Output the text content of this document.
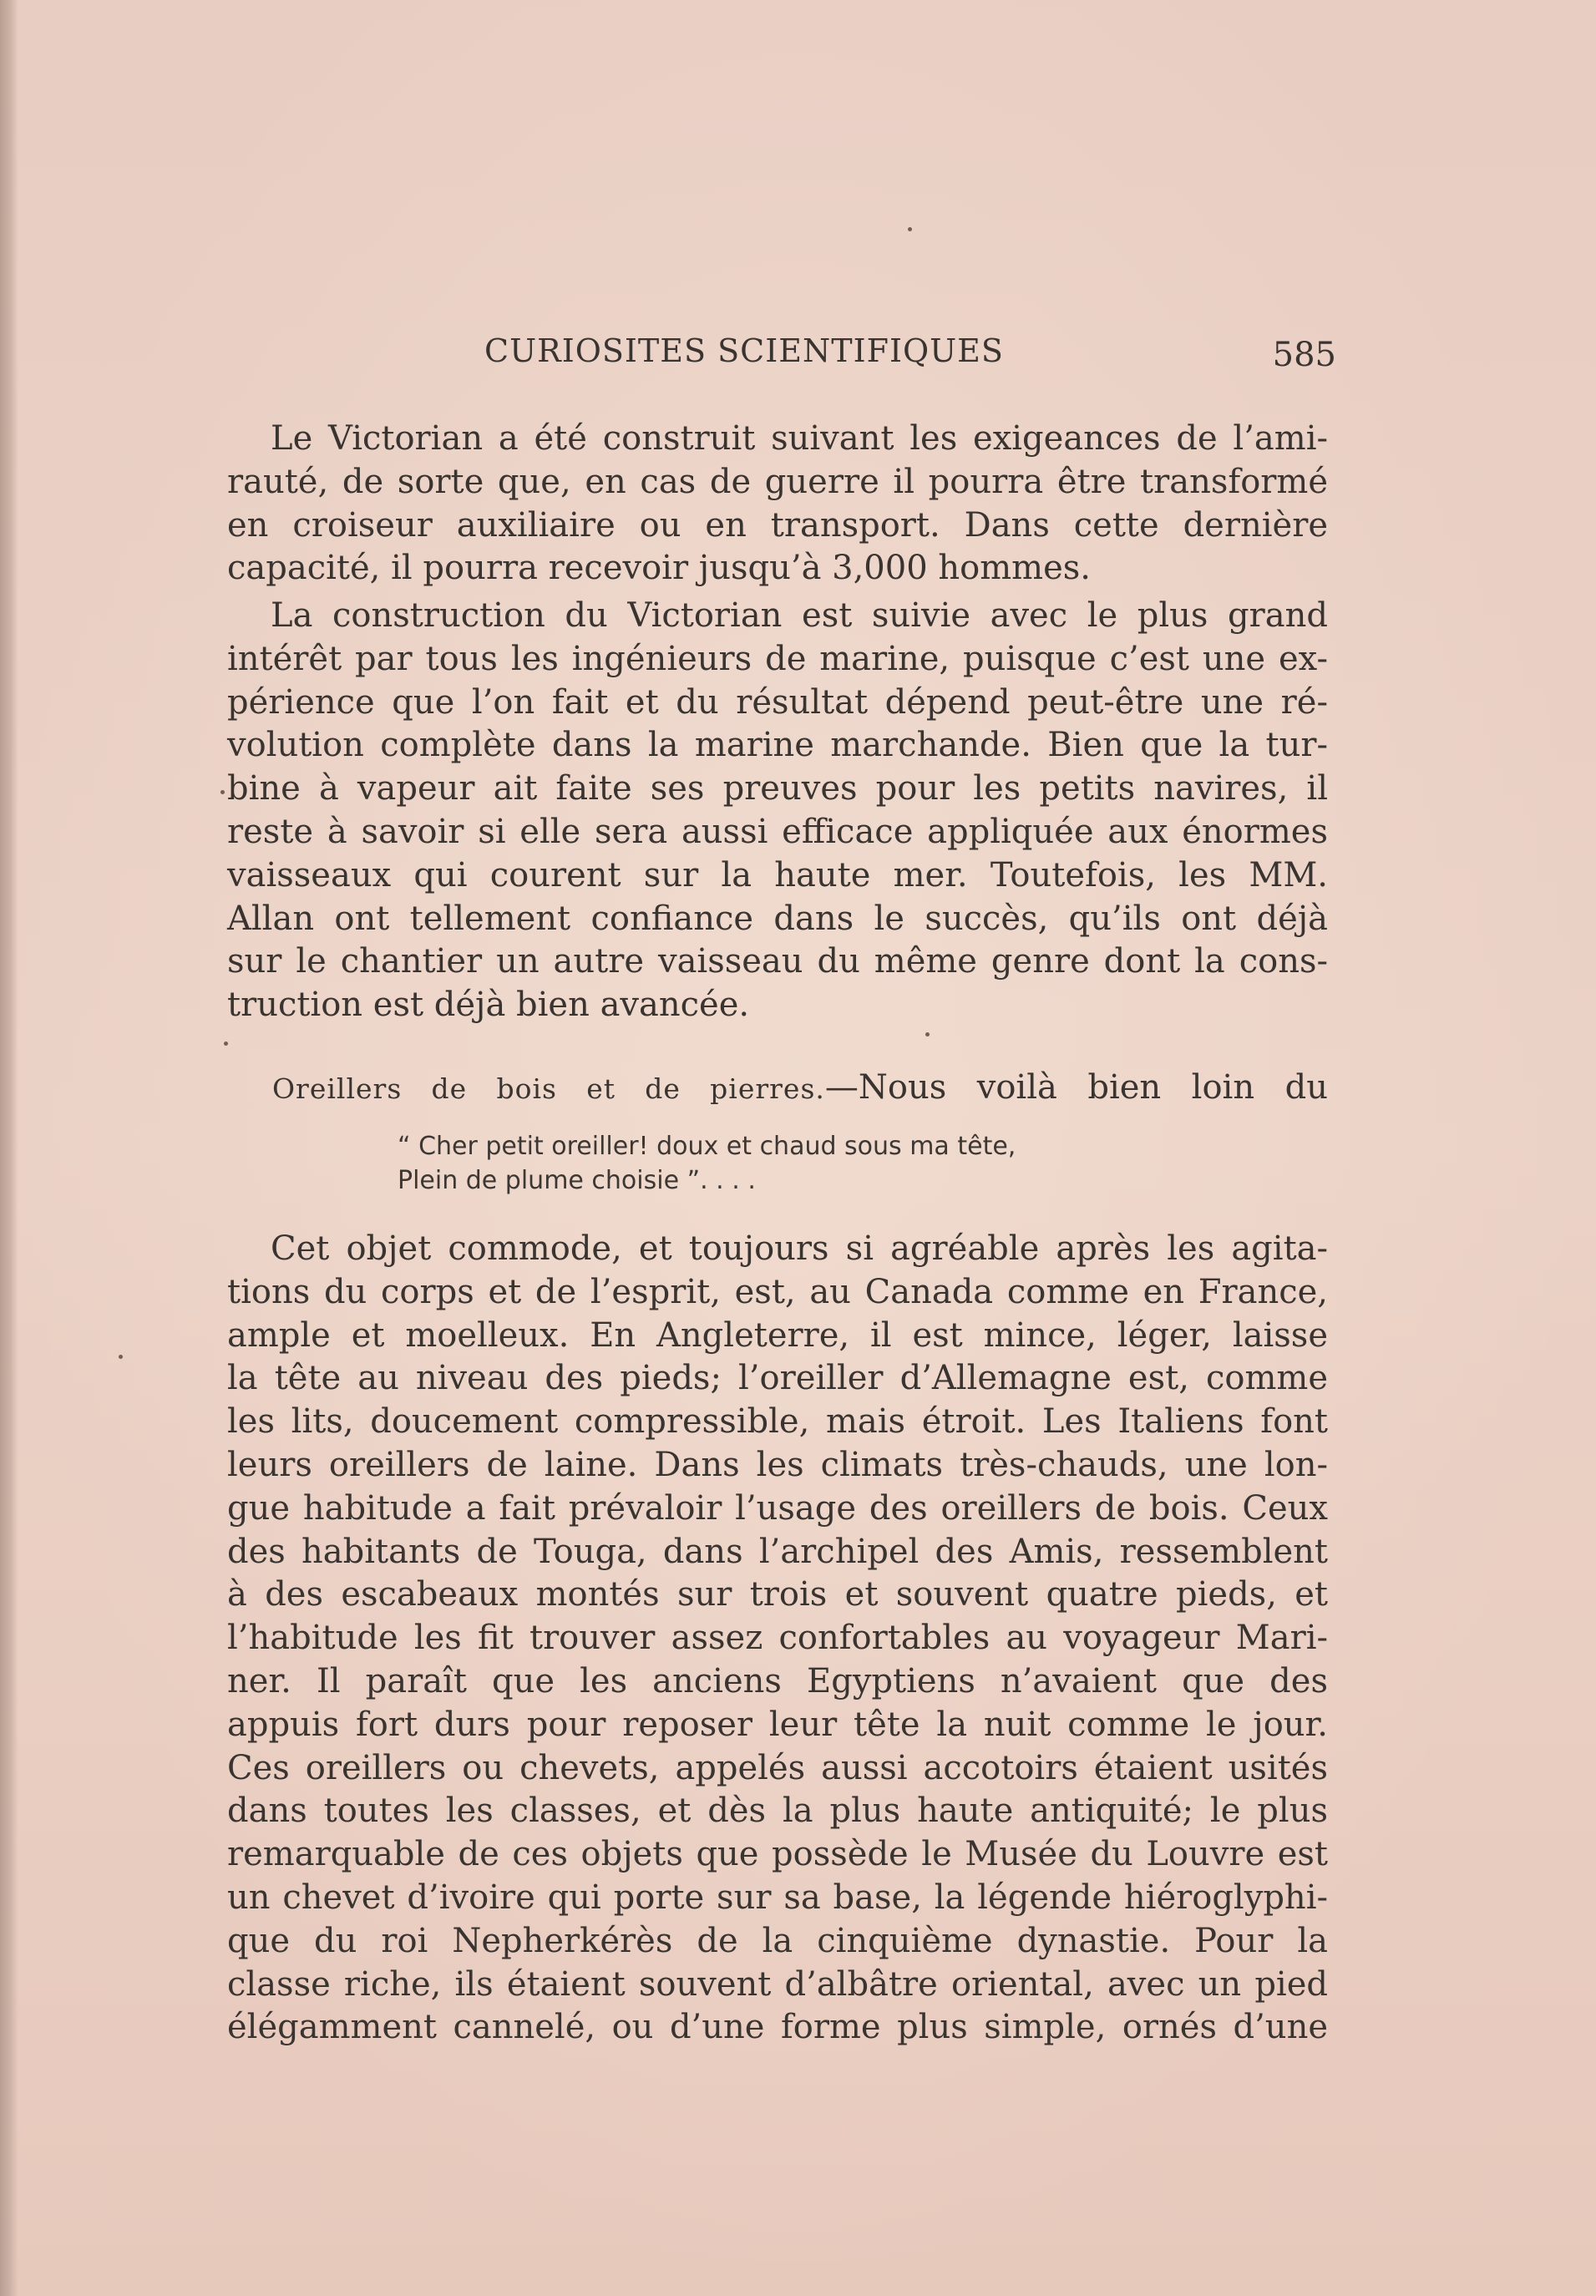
CURIOSITES SCIENTIFIQUES	585
Le Victorian a été construit suivant les exigeances de l’ami-
rauté, de sorte que, en cas de guerre il pourra être transformé
en croiseur auxiliaire ou en transport. Dans cette dernière
capacité, il pourra recevoir jusqu’à 3,000 hommes.
La construction du Victorian est suivie avec le plus grand
intérêt par tous les ingénieurs de marine, puisque c’est une ex-
périence que l’on fait et du résultat dépend peut-être une ré-
volution complète dans la marine marchande. Bien que la tur-
bine à vapeur ait faite ses preuves pour les petits navires, il
reste à savoir si elle sera aussi efficace appliquée aux énormes
vaisseaux qui courent sur la haute mer. Toutefois, les MM.
Allan ont tellement confiance dans le succès, qu’ils ont déjà
sur le chantier un autre vaisseau du même genre dont la cons-
truction est déjà bien avancée.
Oreillers de bois et de pierres.—Nous voilà bien loin du
“ Cher petit oreiller! doux et chaud sous ma tête,
Plein de plume choisie ”. . . .
Cet objet commode, et toujours si agréable après les agita-
tions du corps et de l’esprit, est, au Canada comme en France,
ample et moelleux. En Angleterre, il est mince, léger, laisse
la tête au niveau des pieds; l’oreiller d’Allemagne est, comme
les lits, doucement compressible, mais étroit. Les Italiens font
leurs oreillers de laine. Dans les climats très-chauds, une lon-
gue habitude a fait prévaloir l’usage des oreillers de bois. Ceux
des habitants de Touga, dans l’archipel des Amis, ressemblent
à des escabeaux montés sur trois et souvent quatre pieds, et
l’habitude les fit trouver assez confortables au voyageur Mari-
ner. Il paraît que les anciens Egyptiens n’avaient que des
appuis fort durs pour reposer leur tête la nuit comme le jour.
Ces oreillers ou chevets, appelés aussi accotoirs étaient usités
dans toutes les classes, et dès la plus haute antiquité; le plus
remarquable de ces objets que possède le Musée du Louvre est
un chevet d’ivoire qui porte sur sa base, la légende hiéroglyphi-
que du roi Nepherkérès de la cinquième dynastie. Pour la
classe riche, ils étaient souvent d’albâtre oriental, avec un pied
élégamment cannelé, ou d’une forme plus simple, ornés d’une
